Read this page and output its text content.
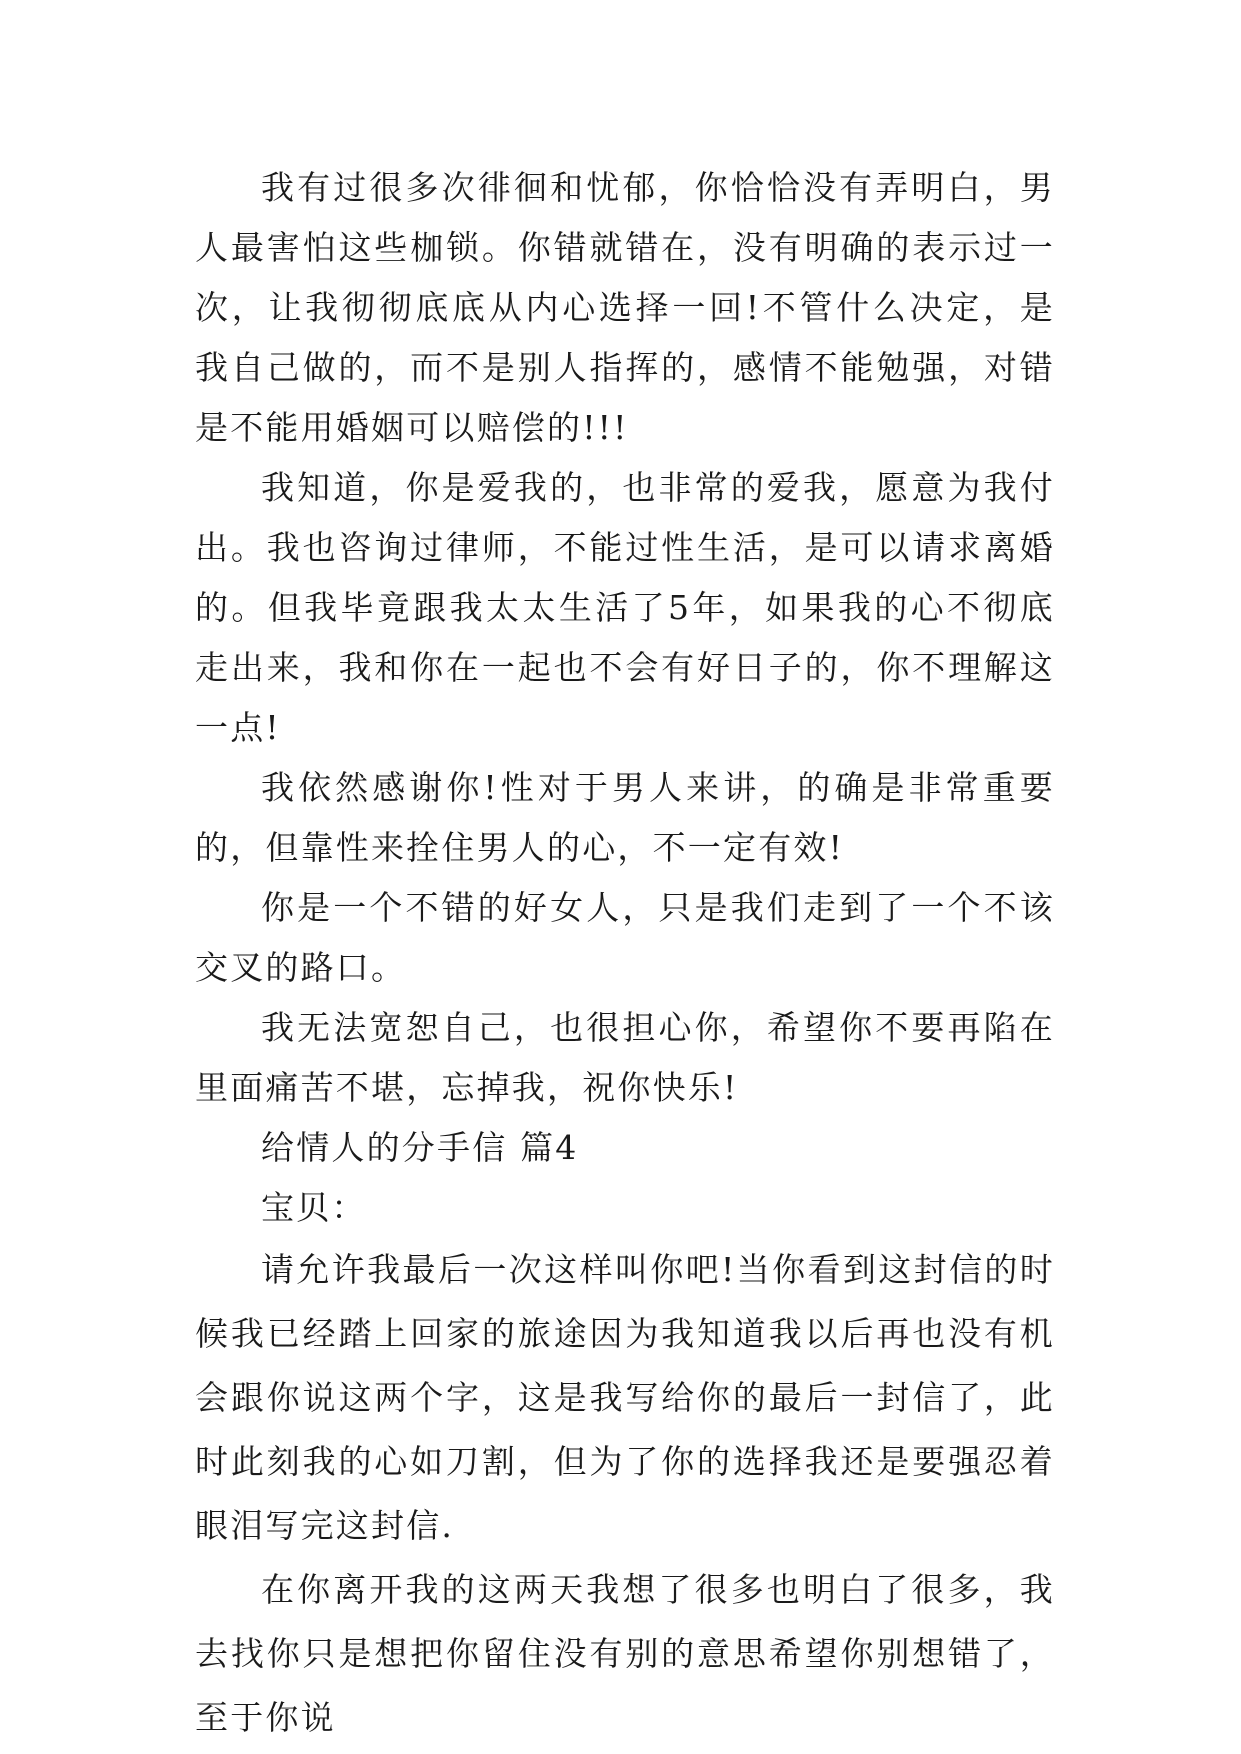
我有过很多次徘徊和忧郁，你恰恰没有弄明白，男人最害怕这些枷锁。你错就错在，没有明确的表示过一次，让我彻彻底底从内心选择一回!不管什么决定，是我自己做的，而不是别人指挥的，感情不能勉强，对错是不能用婚姻可以赔偿的!!!

我知道，你是爱我的，也非常的爱我，愿意为我付出。我也咨询过律师，不能过性生活，是可以请求离婚的。但我毕竟跟我太太生活了5年，如果我的心不彻底走出来，我和你在一起也不会有好日子的，你不理解这一点!

我依然感谢你!性对于男人来讲，的确是非常重要的，但靠性来拴住男人的心，不一定有效!

你是一个不错的好女人，只是我们走到了一个不该交叉的路口。

我无法宽恕自己，也很担心你，希望你不要再陷在里面痛苦不堪，忘掉我，祝你快乐!

给情人的分手信 篇4

宝贝：

请允许我最后一次这样叫你吧!当你看到这封信的时候我已经踏上回家的旅途因为我知道我以后再也没有机会跟你说这两个字，这是我写给你的最后一封信了，此时此刻我的心如刀割，但为了你的选择我还是要强忍着眼泪写完这封信.

在你离开我的这两天我想了很多也明白了很多，我去找你只是想把你留住没有别的意思希望你别想错了，至于你说
